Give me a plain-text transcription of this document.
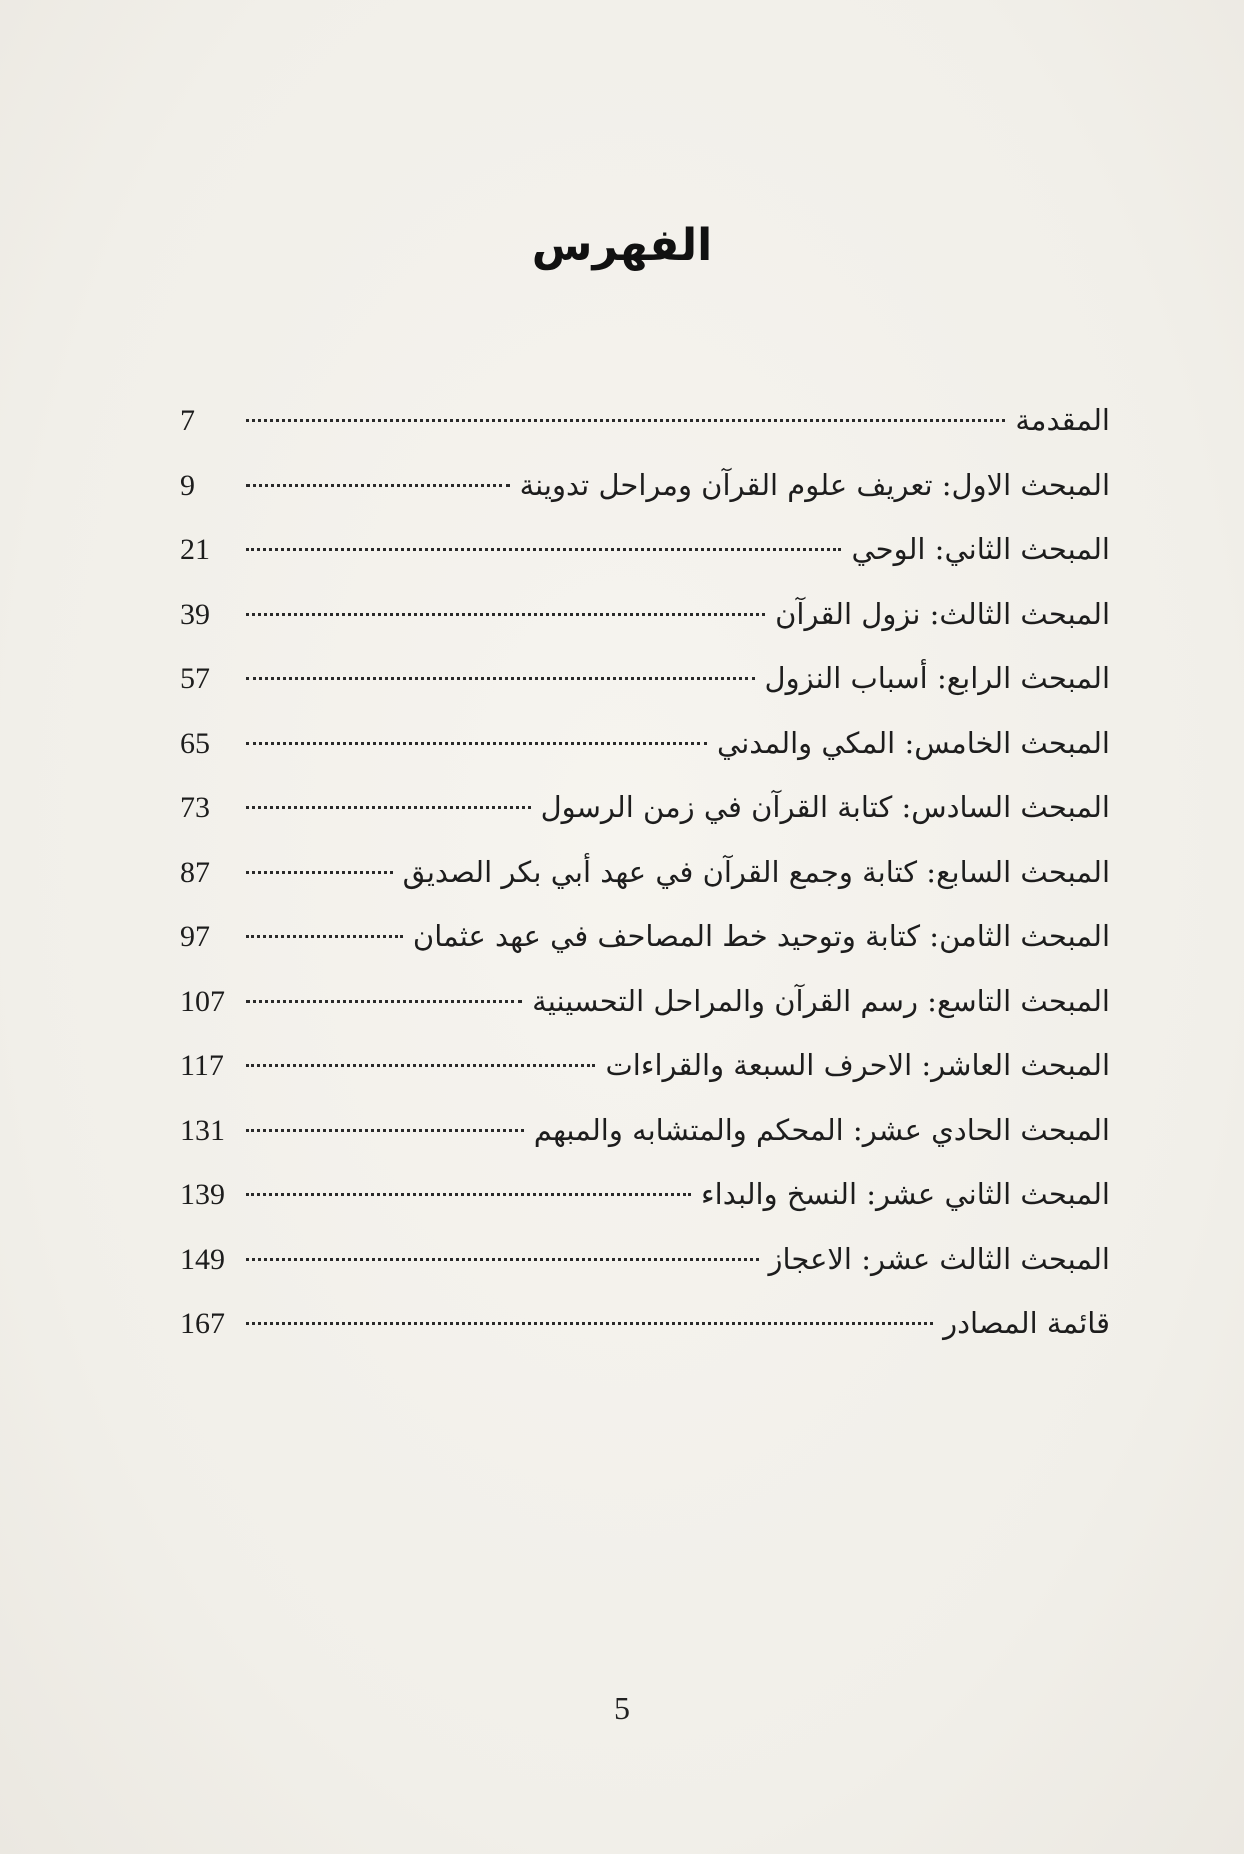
الفهرس
المقدمة
7
المبحث الاول: تعريف علوم القرآن ومراحل تدوينة
9
المبحث الثاني: الوحي
21
المبحث الثالث: نزول القرآن
39
المبحث الرابع: أسباب النزول
57
المبحث الخامس: المكي والمدني
65
المبحث السادس: كتابة القرآن في زمن الرسول
73
المبحث السابع: كتابة وجمع القرآن في عهد أبي بكر الصديق
87
المبحث الثامن: كتابة وتوحيد خط المصاحف في عهد عثمان
97
المبحث التاسع: رسم القرآن والمراحل التحسينية
107
المبحث العاشر: الاحرف السبعة والقراءات
117
المبحث الحادي عشر: المحكم والمتشابه والمبهم
131
المبحث الثاني عشر: النسخ والبداء
139
المبحث الثالث عشر: الاعجاز
149
قائمة المصادر
167
5
